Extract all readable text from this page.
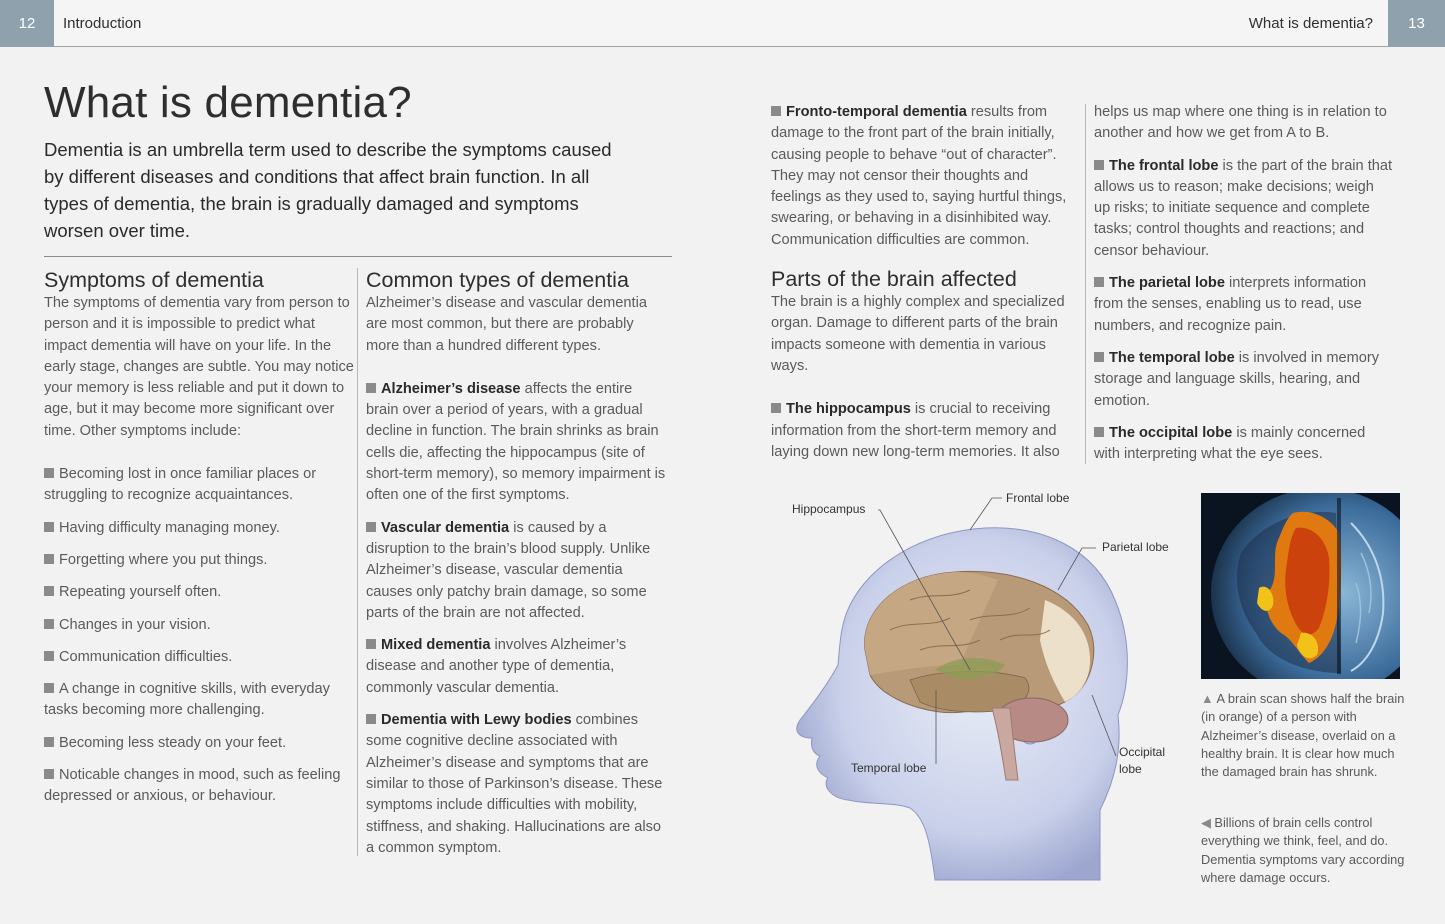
12	Introduction	What is dementia?	13
What is dementia?

Dementia is an umbrella term used to describe the symptoms caused by different diseases and conditions that affect brain function. In all types of dementia, the brain is gradually damaged and symptoms worsen over time.

Symptoms of dementia

The symptoms of dementia vary from person to person and it is impossible to predict what impact dementia will have on your life. In the early stage, changes are subtle. You may notice your memory is less reliable and put it down to age, but it may become more significant over time. Other symptoms include:

Becoming lost in once familiar places or struggling to recognize acquaintances.

Having difficulty managing money.

Forgetting where you put things.

Repeating yourself often.

Changes in your vision.

Communication difficulties.

A change in cognitive skills, with everyday tasks becoming more challenging.

Becoming less steady on your feet.

Noticable changes in mood, such as feeling depressed or anxious, or behaviour.

Common types of dementia

Alzheimer’s disease and vascular dementia are most common, but there are probably more than a hundred different types.

Alzheimer’s disease affects the entire brain over a period of years, with a gradual decline in function. The brain shrinks as brain cells die, affecting the hippocampus (site of short-term memory), so memory impairment is often one of the first symptoms.

Vascular dementia is caused by a disruption to the brain’s blood supply. Unlike Alzheimer’s disease, vascular dementia causes only patchy brain damage, so some parts of the brain are not affected.

Mixed dementia involves Alzheimer’s disease and another type of dementia, commonly vascular dementia.

Dementia with Lewy bodies combines some cognitive decline associated with Alzheimer’s disease and symptoms that are similar to those of Parkinson’s disease. These symptoms include difficulties with mobility, stiffness, and shaking. Hallucinations are also a common symptom.

Fronto-temporal dementia results from damage to the front part of the brain initially, causing people to behave “out of character”. They may not censor their thoughts and feelings as they used to, saying hurtful things, swearing, or behaving in a disinhibited way. Communication difficulties are common.

Parts of the brain affected

The brain is a highly complex and specialized organ. Damage to different parts of the brain impacts someone with dementia in various ways.

The hippocampus is crucial to receiving information from the short-term memory and laying down new long-term memories. It also

helps us map where one thing is in relation to another and how we get from A to B.

The frontal lobe is the part of the brain that allows us to reason; make decisions; weigh up risks; to initiate sequence and complete tasks; control thoughts and reactions; and censor behaviour.

The parietal lobe interprets information from the senses, enabling us to read, use numbers, and recognize pain.

The temporal lobe is involved in memory storage and language skills, hearing, and emotion.

The occipital lobe is mainly concerned with interpreting what the eye sees.

Hippocampus
Frontal lobe
Parietal lobe
Occipital
lobe
Temporal lobe

▲ A brain scan shows half the brain (in orange) of a person with Alzheimer’s disease, overlaid on a healthy brain. It is clear how much the damaged brain has shrunk.

◀ Billions of brain cells control everything we think, feel, and do. Dementia symptoms vary according where damage occurs.
